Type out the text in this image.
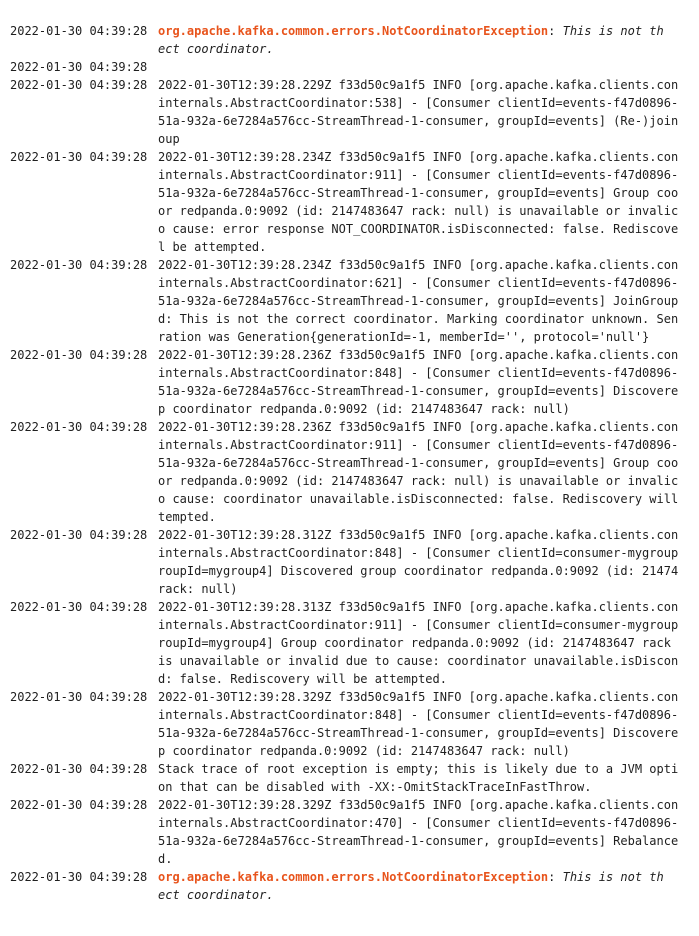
2022-01-30 04:39:28 org.apache.kafka.common.errors.NotCoordinatorException: This is not th
ect coordinator.
2022-01-30 04:39:28
2022-01-30 04:39:28 2022-01-30T12:39:28.229Z f33d50c9a1f5 INFO [org.apache.kafka.clients.con
internals.AbstractCoordinator:538] - [Consumer clientId=events-f47d0896-
51a-932a-6e7284a576cc-StreamThread-1-consumer, groupId=events] (Re-)join
oup
2022-01-30 04:39:28 2022-01-30T12:39:28.234Z f33d50c9a1f5 INFO [org.apache.kafka.clients.con
internals.AbstractCoordinator:911] - [Consumer clientId=events-f47d0896-
51a-932a-6e7284a576cc-StreamThread-1-consumer, groupId=events] Group coo
or redpanda.0:9092 (id: 2147483647 rack: null) is unavailable or invalic
o cause: error response NOT_COORDINATOR.isDisconnected: false. Rediscove
l be attempted.
2022-01-30 04:39:28 2022-01-30T12:39:28.234Z f33d50c9a1f5 INFO [org.apache.kafka.clients.con
internals.AbstractCoordinator:621] - [Consumer clientId=events-f47d0896-
51a-932a-6e7284a576cc-StreamThread-1-consumer, groupId=events] JoinGroup
d: This is not the correct coordinator. Marking coordinator unknown. Sen
ration was Generation{generationId=-1, memberId='', protocol='null'}
2022-01-30 04:39:28 2022-01-30T12:39:28.236Z f33d50c9a1f5 INFO [org.apache.kafka.clients.con
internals.AbstractCoordinator:848] - [Consumer clientId=events-f47d0896-
51a-932a-6e7284a576cc-StreamThread-1-consumer, groupId=events] Discovere
p coordinator redpanda.0:9092 (id: 2147483647 rack: null)
2022-01-30 04:39:28 2022-01-30T12:39:28.236Z f33d50c9a1f5 INFO [org.apache.kafka.clients.con
internals.AbstractCoordinator:911] - [Consumer clientId=events-f47d0896-
51a-932a-6e7284a576cc-StreamThread-1-consumer, groupId=events] Group coo
or redpanda.0:9092 (id: 2147483647 rack: null) is unavailable or invalic
o cause: coordinator unavailable.isDisconnected: false. Rediscovery will
tempted.
2022-01-30 04:39:28 2022-01-30T12:39:28.312Z f33d50c9a1f5 INFO [org.apache.kafka.clients.con
internals.AbstractCoordinator:848] - [Consumer clientId=consumer-mygroup
roupId=mygroup4] Discovered group coordinator redpanda.0:9092 (id: 21474
rack: null)
2022-01-30 04:39:28 2022-01-30T12:39:28.313Z f33d50c9a1f5 INFO [org.apache.kafka.clients.con
internals.AbstractCoordinator:911] - [Consumer clientId=consumer-mygroup
roupId=mygroup4] Group coordinator redpanda.0:9092 (id: 2147483647 rack
is unavailable or invalid due to cause: coordinator unavailable.isDiscon
d: false. Rediscovery will be attempted.
2022-01-30 04:39:28 2022-01-30T12:39:28.329Z f33d50c9a1f5 INFO [org.apache.kafka.clients.con
internals.AbstractCoordinator:848] - [Consumer clientId=events-f47d0896-
51a-932a-6e7284a576cc-StreamThread-1-consumer, groupId=events] Discovere
p coordinator redpanda.0:9092 (id: 2147483647 rack: null)
2022-01-30 04:39:28 Stack trace of root exception is empty; this is likely due to a JVM opti
on that can be disabled with -XX:-OmitStackTraceInFastThrow.
2022-01-30 04:39:28 2022-01-30T12:39:28.329Z f33d50c9a1f5 INFO [org.apache.kafka.clients.con
internals.AbstractCoordinator:470] - [Consumer clientId=events-f47d0896-
51a-932a-6e7284a576cc-StreamThread-1-consumer, groupId=events] Rebalance
d.
2022-01-30 04:39:28 org.apache.kafka.common.errors.NotCoordinatorException: This is not th
ect coordinator.
